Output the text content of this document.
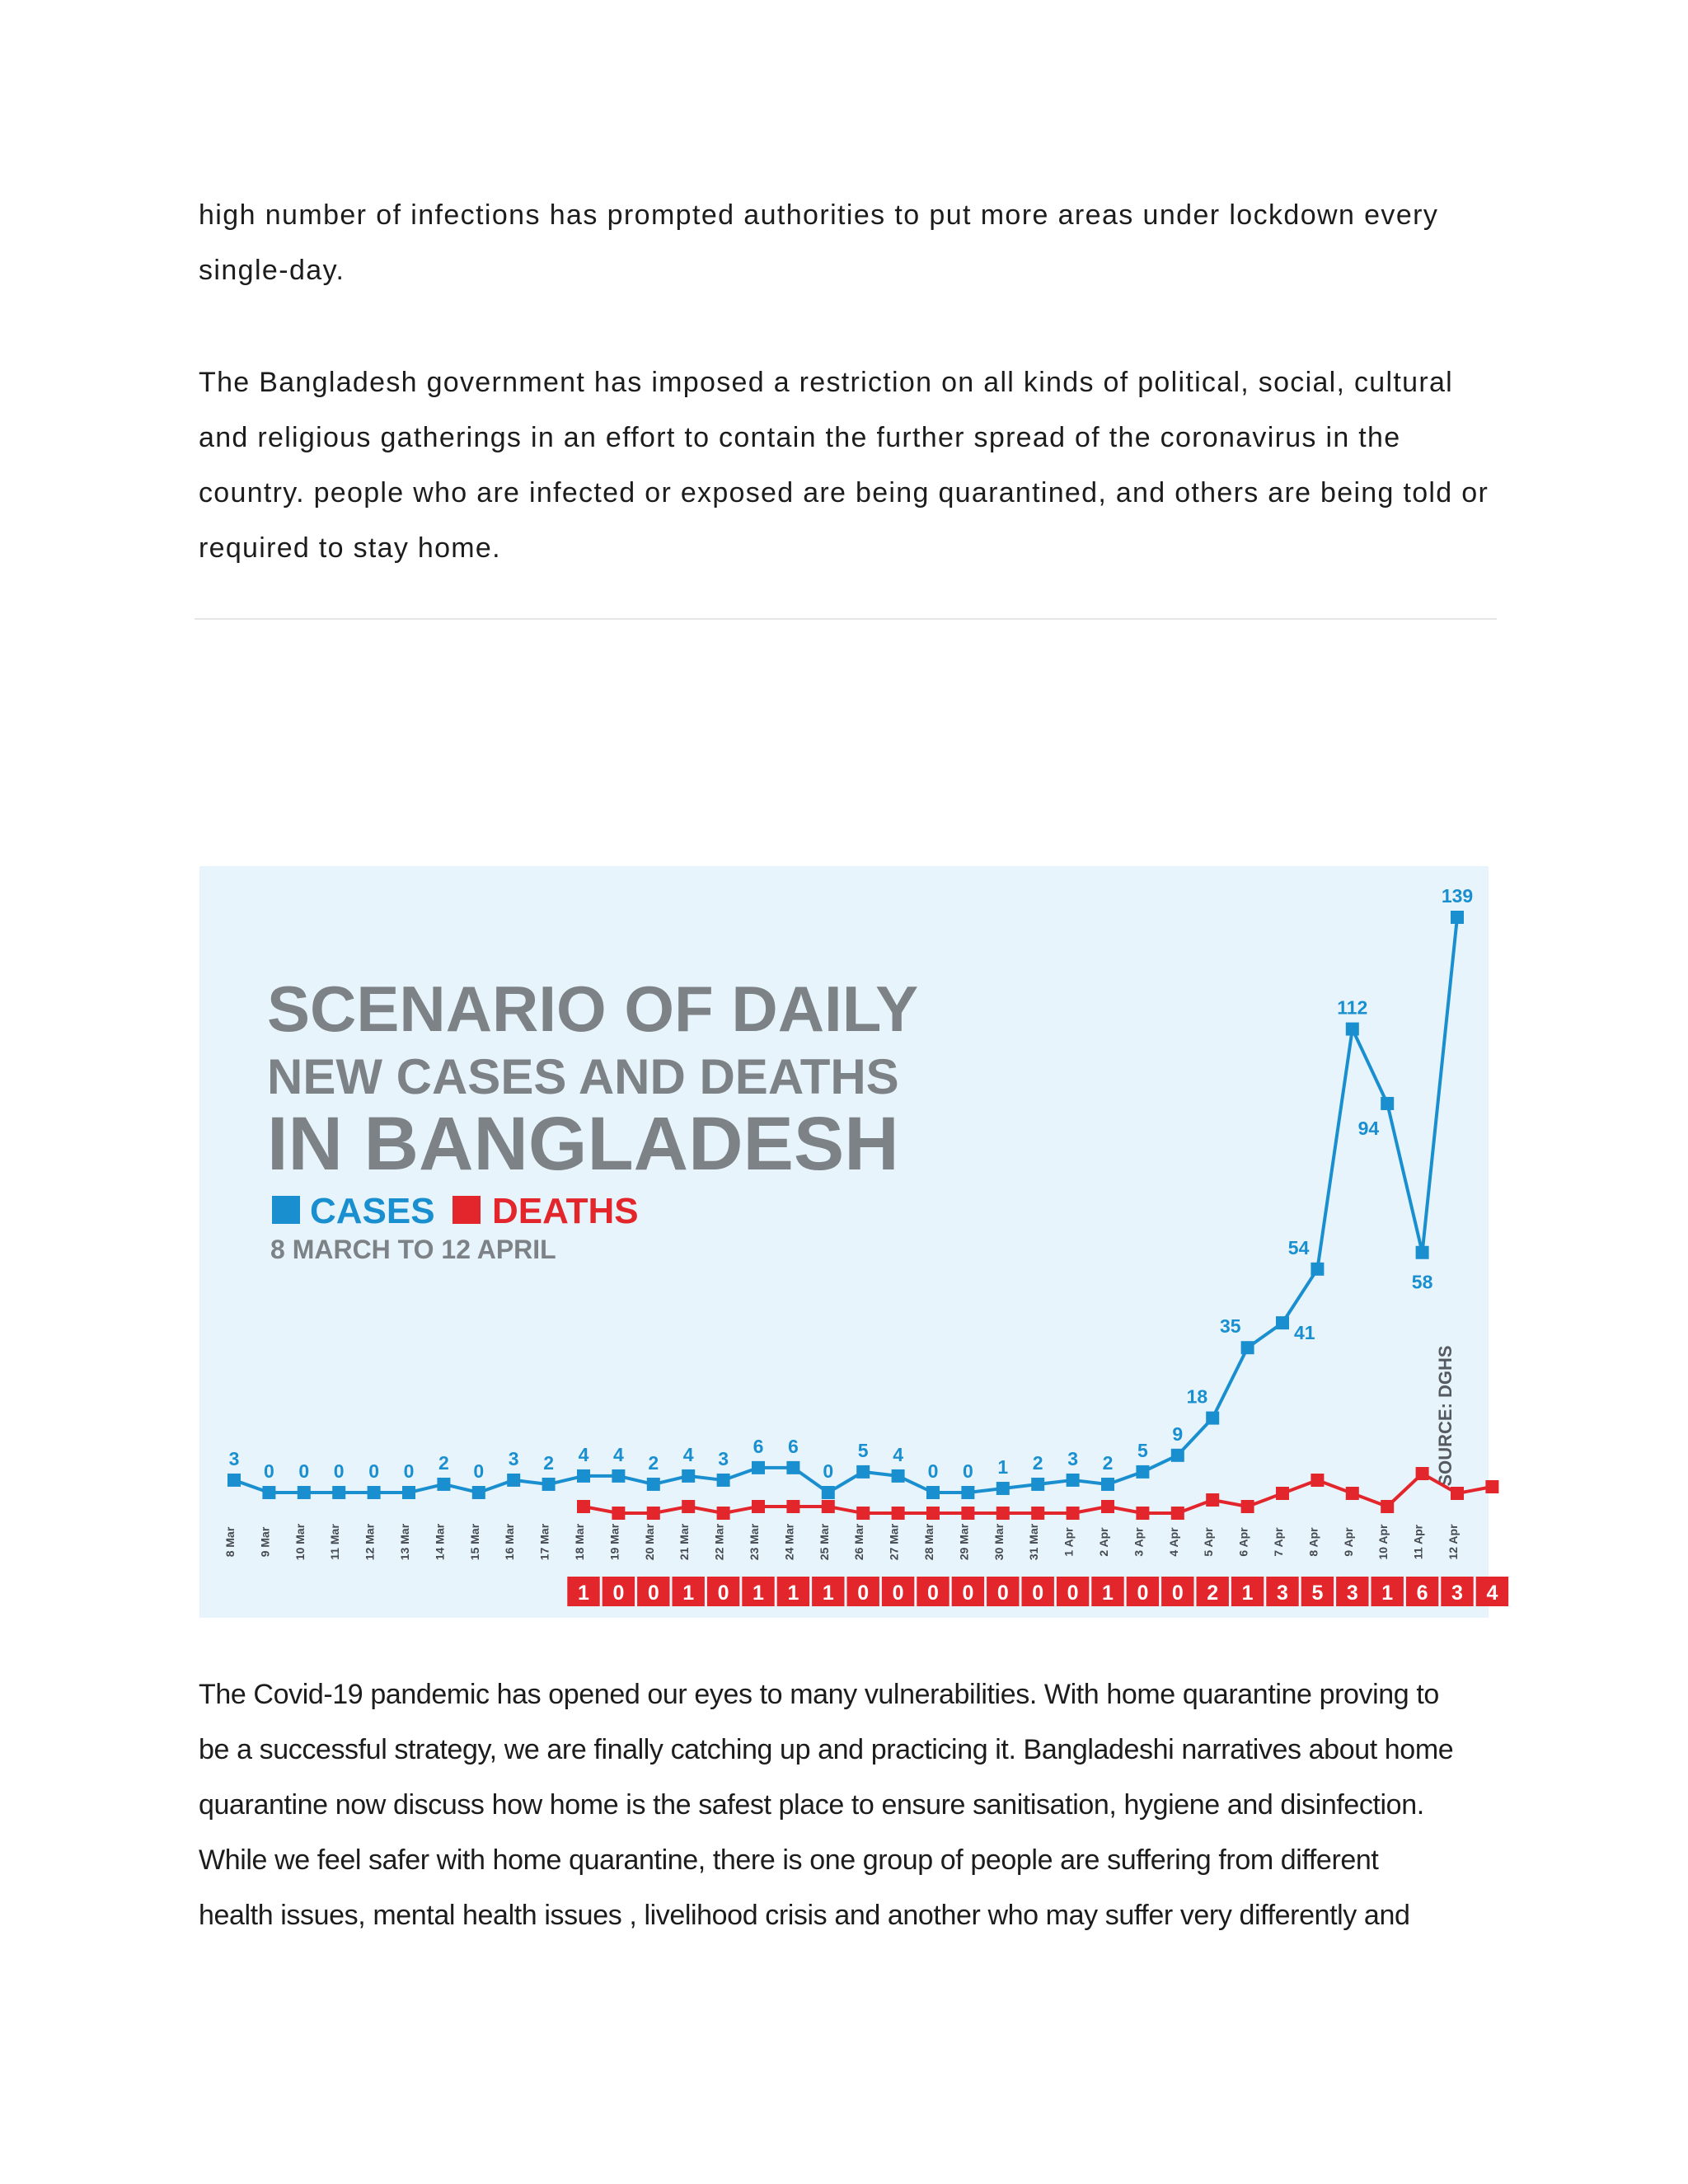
high number of infections has prompted authorities to put more areas under lockdown every
single-day.

The Bangladesh government has imposed a restriction on all kinds of political, social, cultural
and religious gatherings in an effort to contain the further spread of the coronavirus in the
country. people who are infected or exposed are being quarantined, and others are being told or
required to stay home.

SCENARIO OF DAILY
NEW CASES AND DEATHS
IN BANGLADESH
CASES DEATHS
8 MARCH TO 12 APRIL
SOURCE: DGHS
3
0 0 0 0 0 2 0
3 2 4 4 2 4 3
6 6
0
5 4
0 0 1 2 3 2
5
9
18
35	41
54
112
94
58
139
8 Mar 9 Mar 10 Mar 11 Mar 12 Mar 13 Mar 14 Mar 15 Mar 16 Mar 17 Mar 18 Mar 19 Mar 20 Mar 21 Mar 22 Mar 23 Mar 24 Mar 25 Mar 26 Mar 27 Mar 28 Mar 29 Mar 30 Mar 31 Mar 1 Apr 2 Apr 3 Apr 4 Apr 5 Apr 6 Apr 7 Apr 8 Apr 9 Apr 10 Apr 11 Apr 12 Apr
1 0 0 1 0 1 1 1 0 0 0 0 0 0 0 1 0 0 2 1 3 5 3 1 6 3 4

The Covid-19 pandemic has opened our eyes to many vulnerabilities. With home quarantine proving to
be a successful strategy, we are finally catching up and practicing it. Bangladeshi narratives about home
quarantine now discuss how home is the safest place to ensure sanitisation, hygiene and disinfection.
While we feel safer with home quarantine, there is one group of people are suffering from different
health issues, mental health issues , livelihood crisis and another who may suffer very differently and
